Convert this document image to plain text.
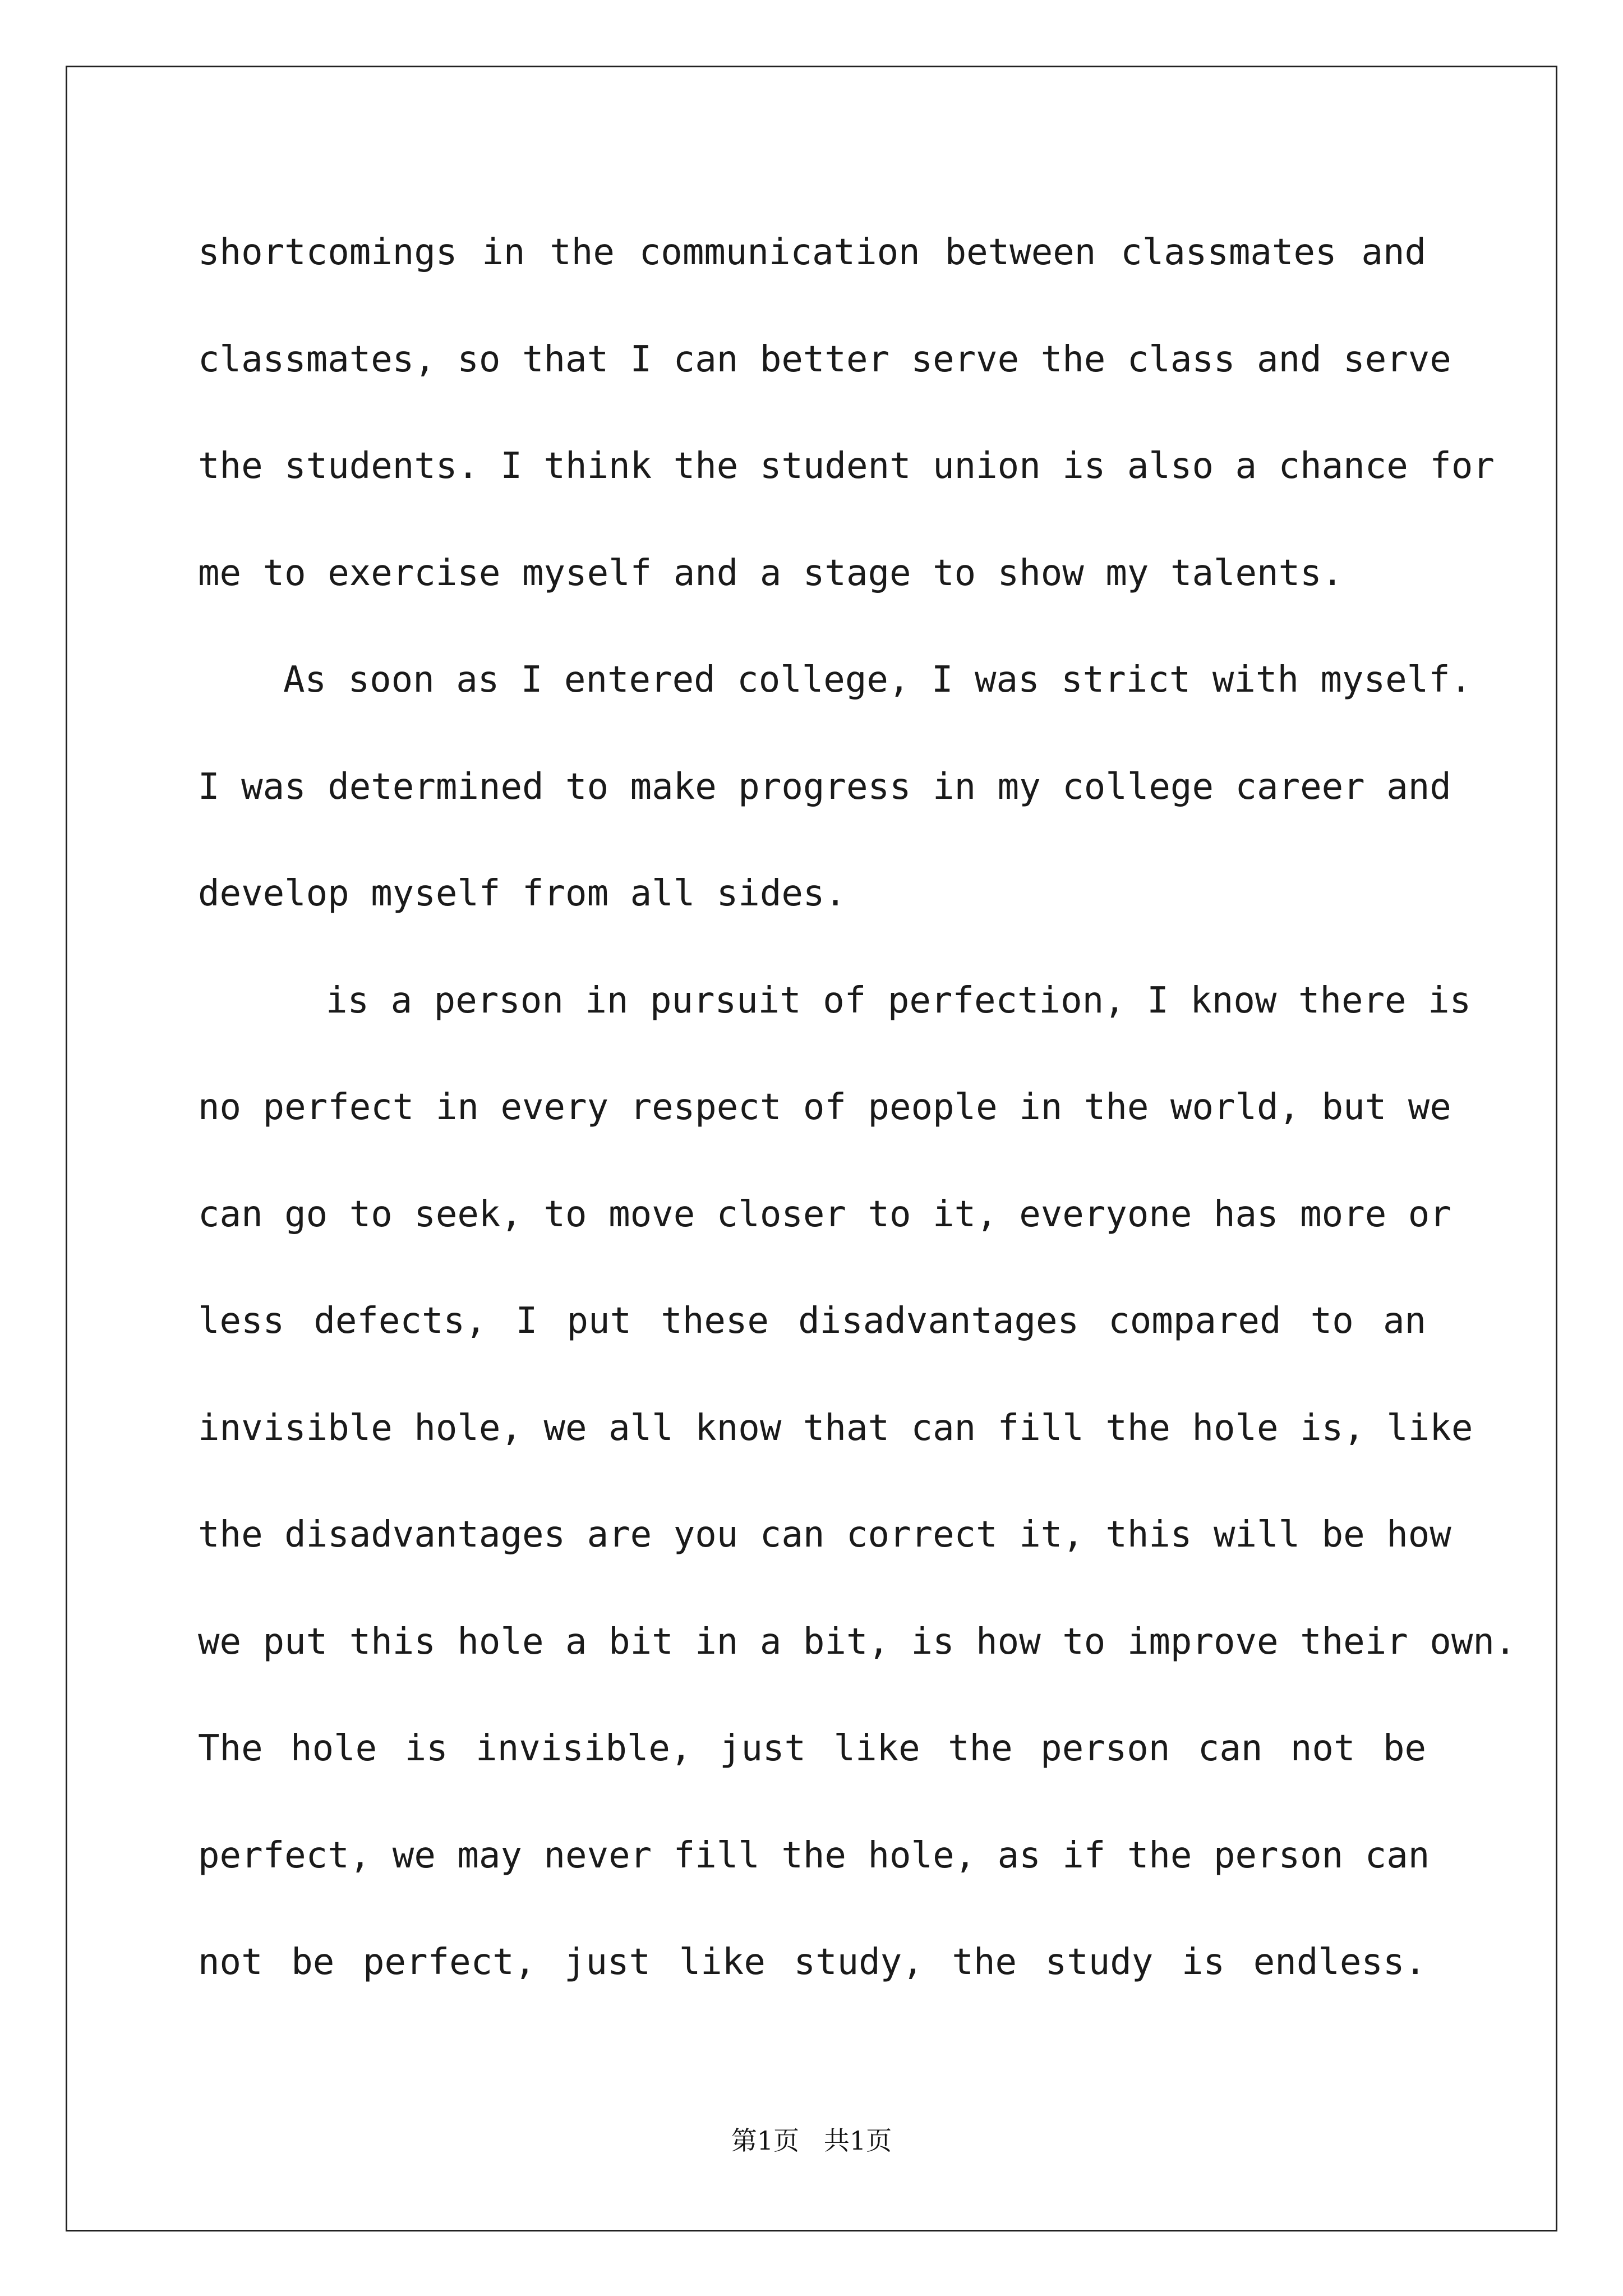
shortcomings in the communication between classmates and
classmates, so that I can better serve the class and serve
the students. I think the student union is also a chance for
me to exercise myself and a stage to show my talents.
As soon as I entered college, I was strict with myself.
I was determined to make progress in my college career and
develop myself from all sides.
is a person in pursuit of perfection, I know there is
no perfect in every respect of people in the world, but we
can go to seek, to move closer to it, everyone has more or
less defects, I put these disadvantages compared to an
invisible hole, we all know that can fill the hole is, like
the disadvantages are you can correct it, this will be how
we put this hole a bit in a bit, is how to improve their own.
The hole is invisible, just like the person can not be
perfect, we may never fill the hole, as if the person can
not be perfect, just like study, the study is endless.
第1页   共1页
